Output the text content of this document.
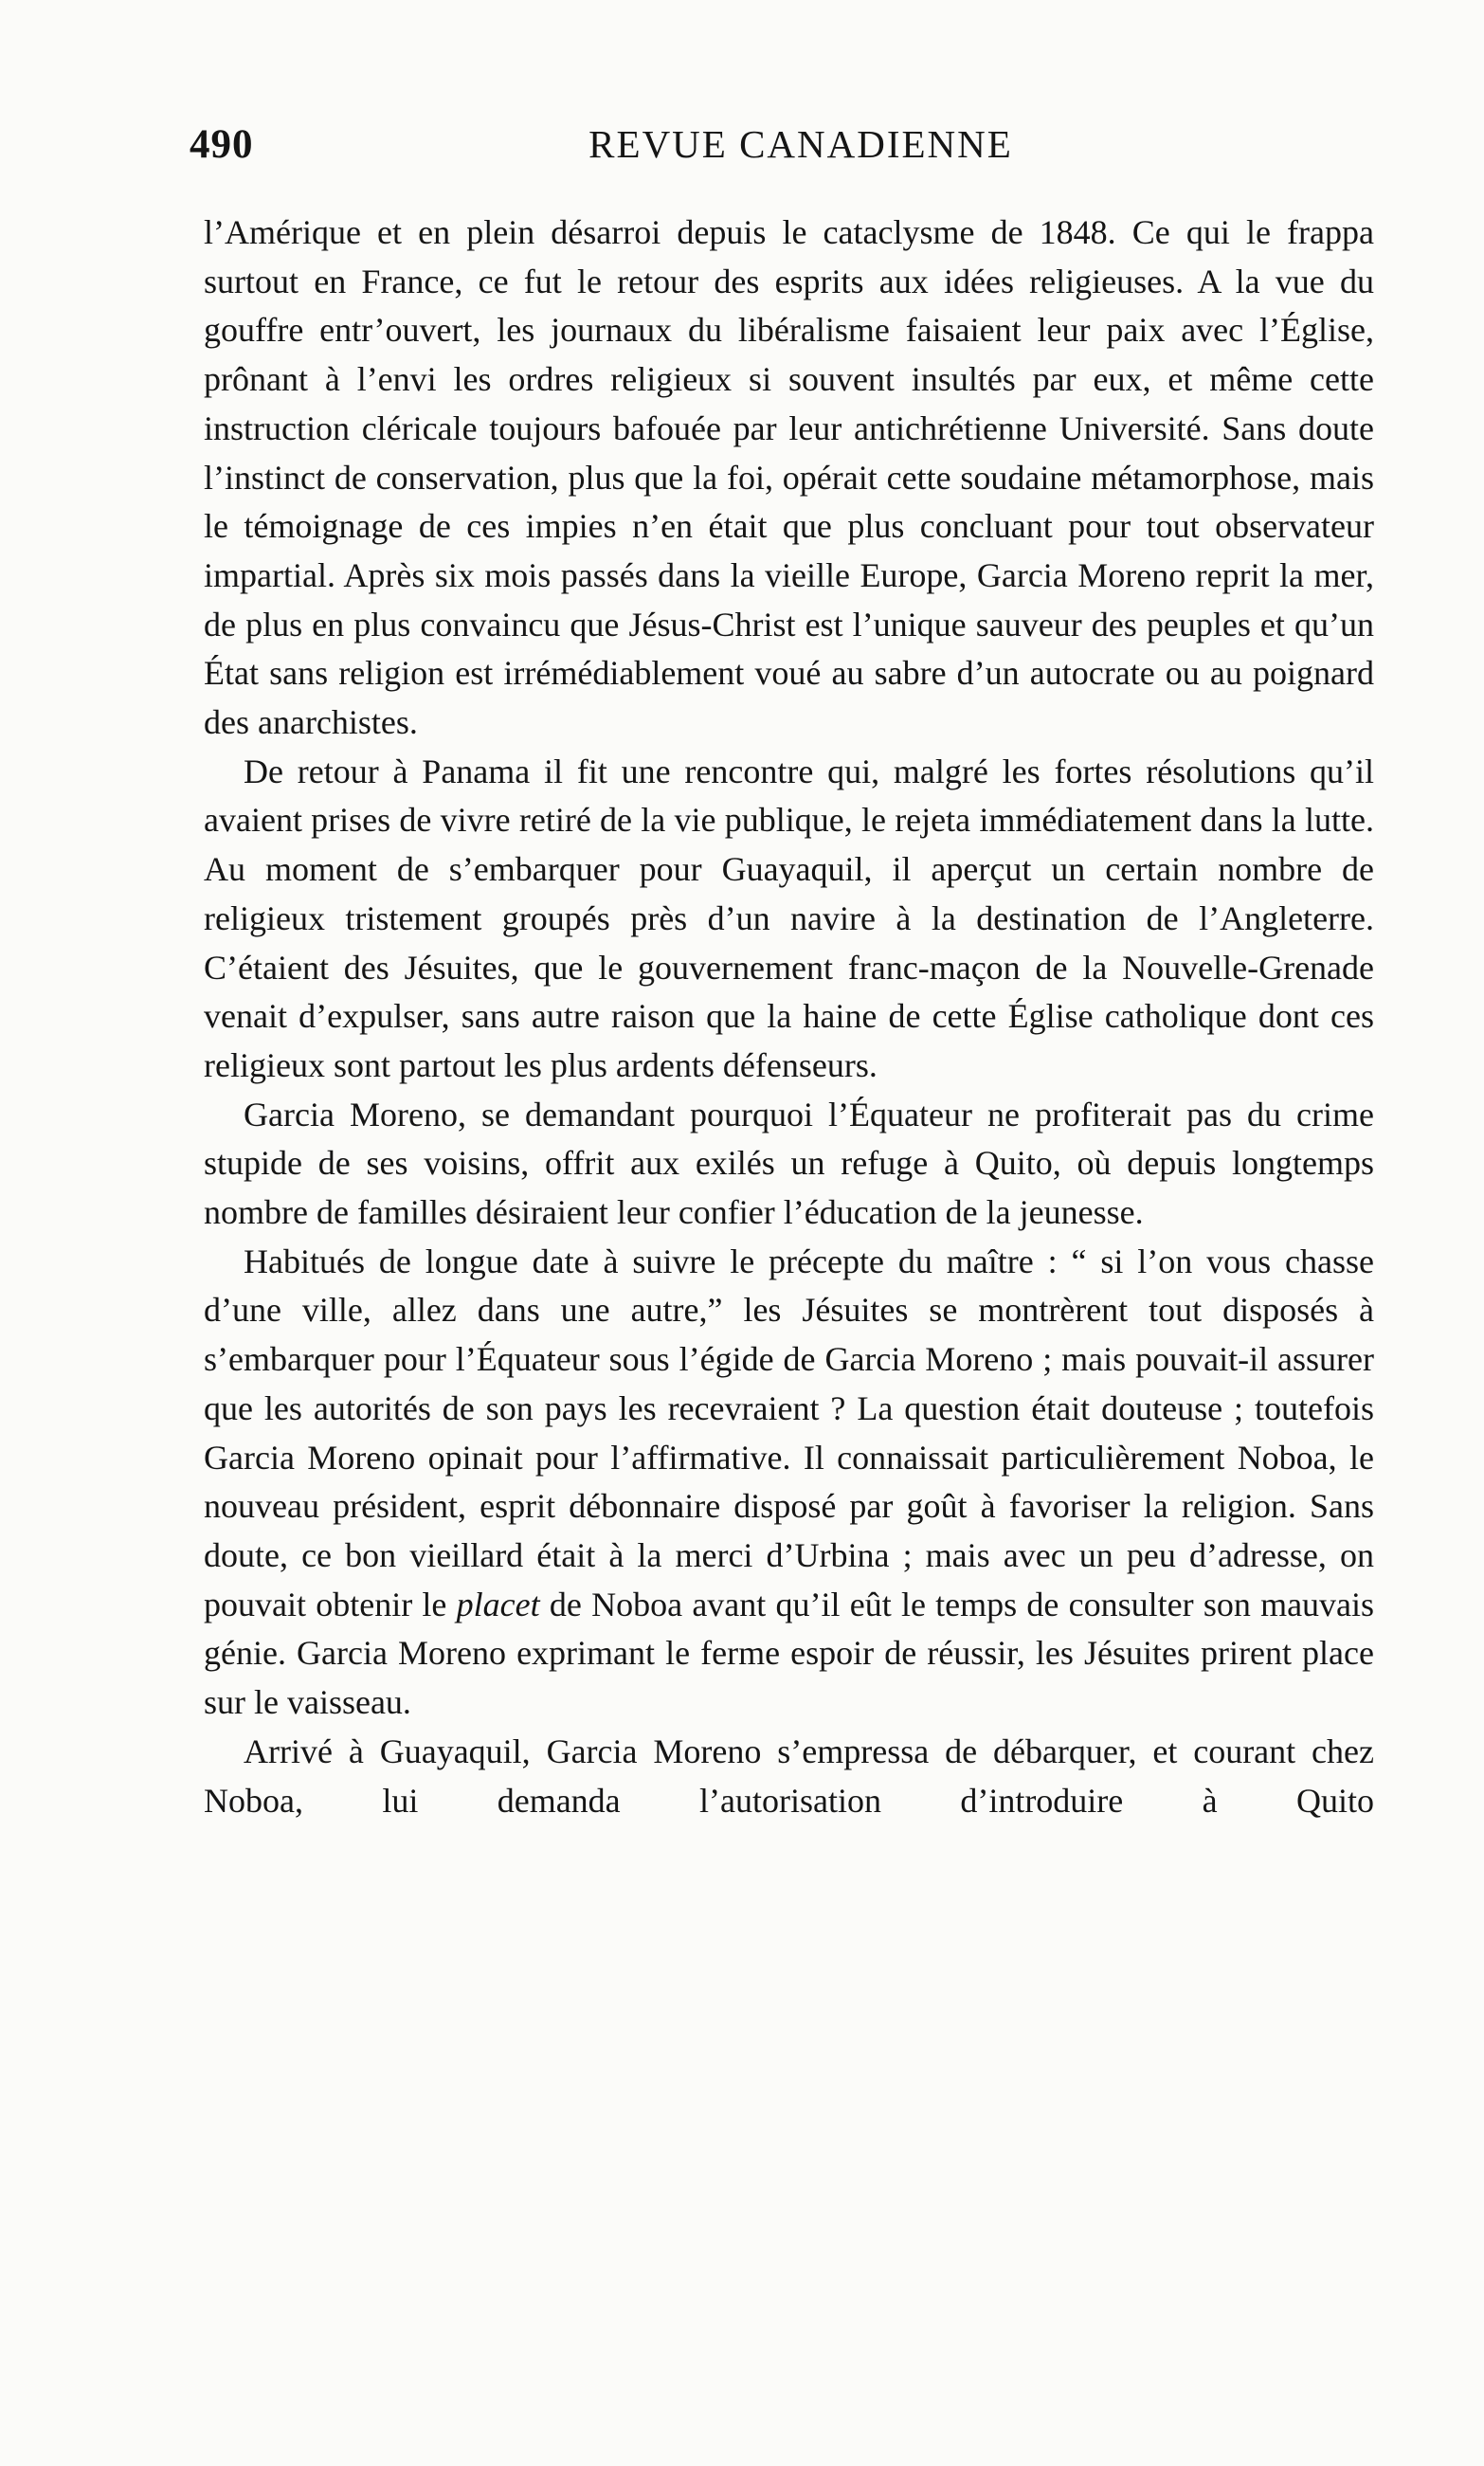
490	REVUE CANADIENNE

l’Amérique et en plein désarroi depuis le cataclysme de 1848. Ce qui le frappa surtout en France, ce fut le retour des esprits aux idées religieuses. A la vue du gouffre entr’ouvert, les journaux du libéralisme faisaient leur paix avec l’Église, prônant à l’envi les ordres religieux si souvent insultés par eux, et même cette instruction cléricale toujours bafouée par leur antichrétienne Université. Sans doute l’instinct de conservation, plus que la foi, opérait cette soudaine métamorphose, mais le témoignage de ces impies n’en était que plus concluant pour tout observateur impartial. Après six mois passés dans la vieille Europe, Garcia Moreno reprit la mer, de plus en plus convaincu que Jésus-Christ est l’unique sauveur des peuples et qu’un État sans religion est irrémédiablement voué au sabre d’un autocrate ou au poignard des anarchistes.

De retour à Panama il fit une rencontre qui, malgré les fortes résolutions qu’il avaient prises de vivre retiré de la vie publique, le rejeta immédiatement dans la lutte. Au moment de s’embarquer pour Guayaquil, il aperçut un certain nombre de religieux tristement groupés près d’un navire à la destination de l’Angleterre. C’étaient des Jésuites, que le gouvernement franc-maçon de la Nouvelle-Grenade venait d’expulser, sans autre raison que la haine de cette Église catholique dont ces religieux sont partout les plus ardents défenseurs.

Garcia Moreno, se demandant pourquoi l’Équateur ne profiterait pas du crime stupide de ses voisins, offrit aux exilés un refuge à Quito, où depuis longtemps nombre de familles désiraient leur confier l’éducation de la jeunesse.

Habitués de longue date à suivre le précepte du maître : “ si l’on vous chasse d’une ville, allez dans une autre,” les Jésuites se montrèrent tout disposés à s’embarquer pour l’Équateur sous l’égide de Garcia Moreno ; mais pouvait-il assurer que les autorités de son pays les recevraient ? La question était douteuse ; toutefois Garcia Moreno opinait pour l’affirmative. Il connaissait particulièrement Noboa, le nouveau président, esprit débonnaire disposé par goût à favoriser la religion. Sans doute, ce bon vieillard était à la merci d’Urbina ; mais avec un peu d’adresse, on pouvait obtenir le placet de Noboa avant qu’il eût le temps de consulter son mauvais génie. Garcia Moreno exprimant le ferme espoir de réussir, les Jésuites prirent place sur le vaisseau.

Arrivé à Guayaquil, Garcia Moreno s’empressa de débarquer, et courant chez Noboa, lui demanda l’autorisation d’introduire à Quito
